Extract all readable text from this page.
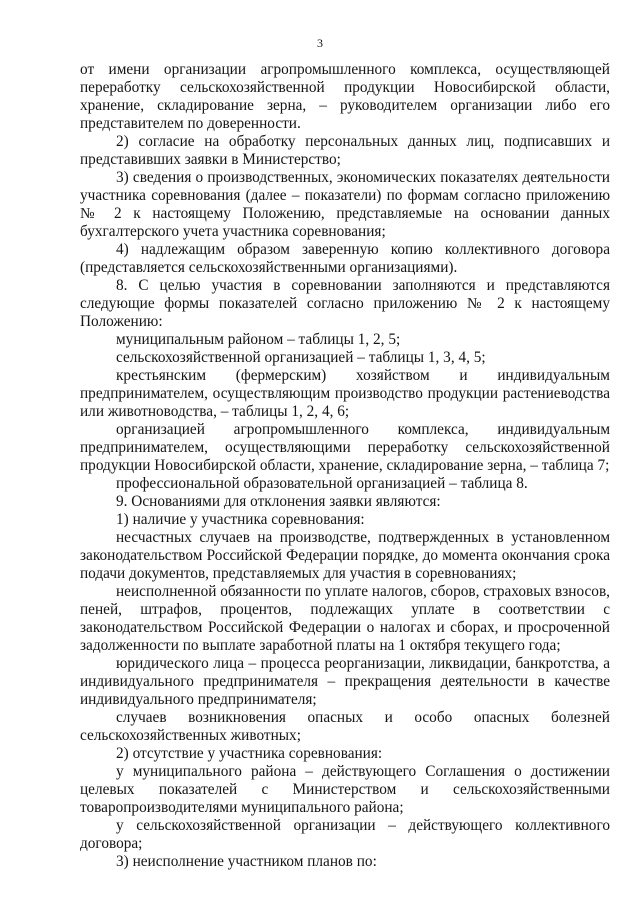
3

от имени организации агропромышленного комплекса, осуществляющей переработку сельскохозяйственной продукции Новосибирской области, хранение, складирование зерна, – руководителем организации либо его представителем по доверенности.

2) согласие на обработку персональных данных лиц, подписавших и представивших заявки в Министерство;

3) сведения о производственных, экономических показателях деятельности участника соревнования (далее – показатели) по формам согласно приложению № 2 к настоящему Положению, представляемые на основании данных бухгалтерского учета участника соревнования;

4) надлежащим образом заверенную копию коллективного договора (представляется сельскохозяйственными организациями).

8. С целью участия в соревновании заполняются и представляются следующие формы показателей согласно приложению № 2 к настоящему Положению:

муниципальным районом – таблицы 1, 2, 5;

сельскохозяйственной организацией – таблицы 1, 3, 4, 5;

крестьянским (фермерским) хозяйством и индивидуальным предпринимателем, осуществляющим производство продукции растениеводства или животноводства, – таблицы 1, 2, 4, 6;

организацией агропромышленного комплекса, индивидуальным предпринимателем, осуществляющими переработку сельскохозяйственной продукции Новосибирской области, хранение, складирование зерна, – таблица 7;

профессиональной образовательной организацией – таблица 8.

9. Основаниями для отклонения заявки являются:

1) наличие у участника соревнования:

несчастных случаев на производстве, подтвержденных в установленном законодательством Российской Федерации порядке, до момента окончания срока подачи документов, представляемых для участия в соревнованиях;

неисполненной обязанности по уплате налогов, сборов, страховых взносов, пеней, штрафов, процентов, подлежащих уплате в соответствии с законодательством Российской Федерации о налогах и сборах, и просроченной задолженности по выплате заработной платы на 1 октября текущего года;

юридического лица – процесса реорганизации, ликвидации, банкротства, а индивидуального предпринимателя – прекращения деятельности в качестве индивидуального предпринимателя;

случаев возникновения опасных и особо опасных болезней сельскохозяйственных животных;

2) отсутствие у участника соревнования:

у муниципального района – действующего Соглашения о достижении целевых показателей с Министерством и сельскохозяйственными товаропроизводителями муниципального района;

у сельскохозяйственной организации – действующего коллективного договора;

3) неисполнение участником планов по:
